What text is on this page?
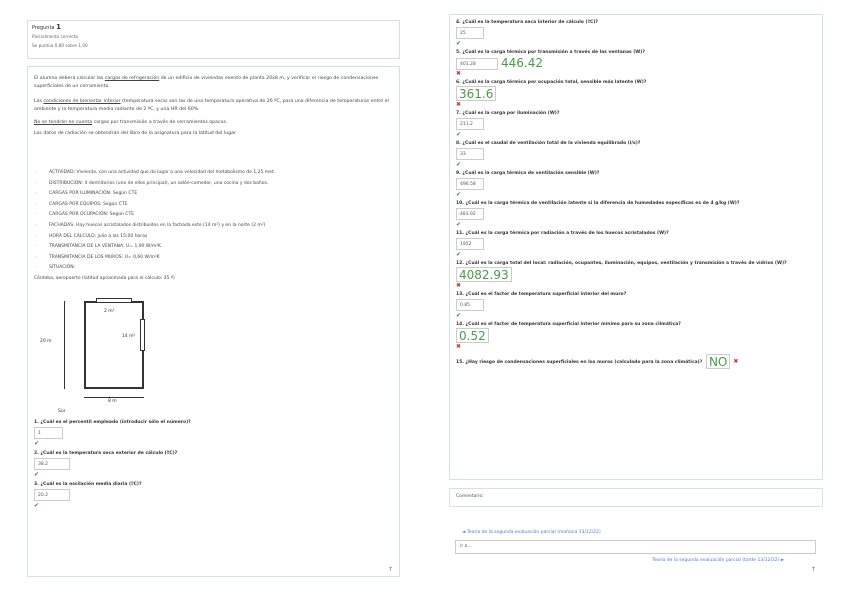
Pregunta 1
Parcialmente correcta
Se puntúa 0,80 sobre 1,00

El alumno deberá calcular las cargas de refrigeración de un edificio de viviendas exento de planta 20x8 m, y verificar el riesgo de condensaciones superficiales de un cerramiento.

Las condiciones de bienestar interior (temperatura seca) son las de una temperatura operativa de 26 ºC, para una diferencia de temperaturas entre el ambiente y la temperatura media radiante de 2 ºC, y una HR del 60%.

No se tendrán en cuenta cargas por transmisión a través de cerramientos opacos.

Los datos de radiación se obtendrán del libro de la asignatura para la latitud del lugar

· ACTIVIDAD: Vivienda, con una actividad que da lugar a una velocidad del metabolismo de 1,25 met.
· DISTRIBUCIÓN: 4 dormitorios (uno de ellos principal), un salón-comedor, una cocina y dos baños.
· CARGAS POR ILUMINACIÓN: Según CTE
· CARGAS POR EQUIPOS: Según CTE
· CARGAS POR OCUPACIÓN: Según CTE
· FACHADAS: Hay huecos acristalados distribuidos en la fachada este (14 m²) y en la norte (2 m²)
· HORA DEL CÁLCULO: julio a las 15:00 horas
· TRANSMITANCIA DE LA VENTANA: U= 1,90 W/m²K
· TRANSMITANCIA DE LOS MUROS: U= 0,60 W/m²K
· SITUACIÓN:
Córdoba, aeropuerto (latitud aproximada para el cálculo: 35 º)
2 m²
14 m²
20 m
8 m
Sur
1. ¿Cuál es el percentil empleado (introducir sólo el número)?
1
✔
2. ¿Cuál es la temperatura seca exterior de cálculo (ºC)?
38.2
✔
3. ¿Cuál es la oscilación media diaria (ºC)?
20.2
✔
🡑
4. ¿Cuál es la temperatura seca interior de cálculo (ºC)?
25
✔
5. ¿Cuál es la carga térmica por transmisión a través de las ventanas (W)?
401.28 446.42
✖
6. ¿Cuál es la carga térmica por ocupación total, sensible más latente (W)?
361.6
✖
7. ¿Cuál es la carga por iluminación (W)?
211.2
✔
8. ¿Cuál es el caudal de ventilación total de la vivienda equilibrado (l/s)?
33
✔
9. ¿Cuál es la carga térmica de ventilación sensible (W)?
496.58
✔
10. ¿Cuál es la carga térmica de ventilación latente si la diferencia de humedades específicas es de 4 g/kg (W)?
483.92
✔
11. ¿Cuál es la carga térmica por radiación a través de los huecos acristalados (W)?
1952
✔
12. ¿Cuál es la carga total del local: radiación, ocupantes, iluminación, equipos, ventilación y transmisión a través de vidrios (W)?
4082.93
✖
13. ¿Cuál es el factor de temperatura superficial interior del muro?
0.85
✔
14. ¿Cuál es el factor de temperatura superficial interior mínimo para su zona climática?
0.52
✖
15. ¿Hay riesgo de condensaciones superficiales en los muros (calculado para la zona climática)? NO ✖
Comentario:
◄ Teoría de la segunda evaluación parcial (mañana 13/12/22)
Ir a...
Teoría de la segunda evaluación parcial (tarde 13/12/22) ►
🡑
